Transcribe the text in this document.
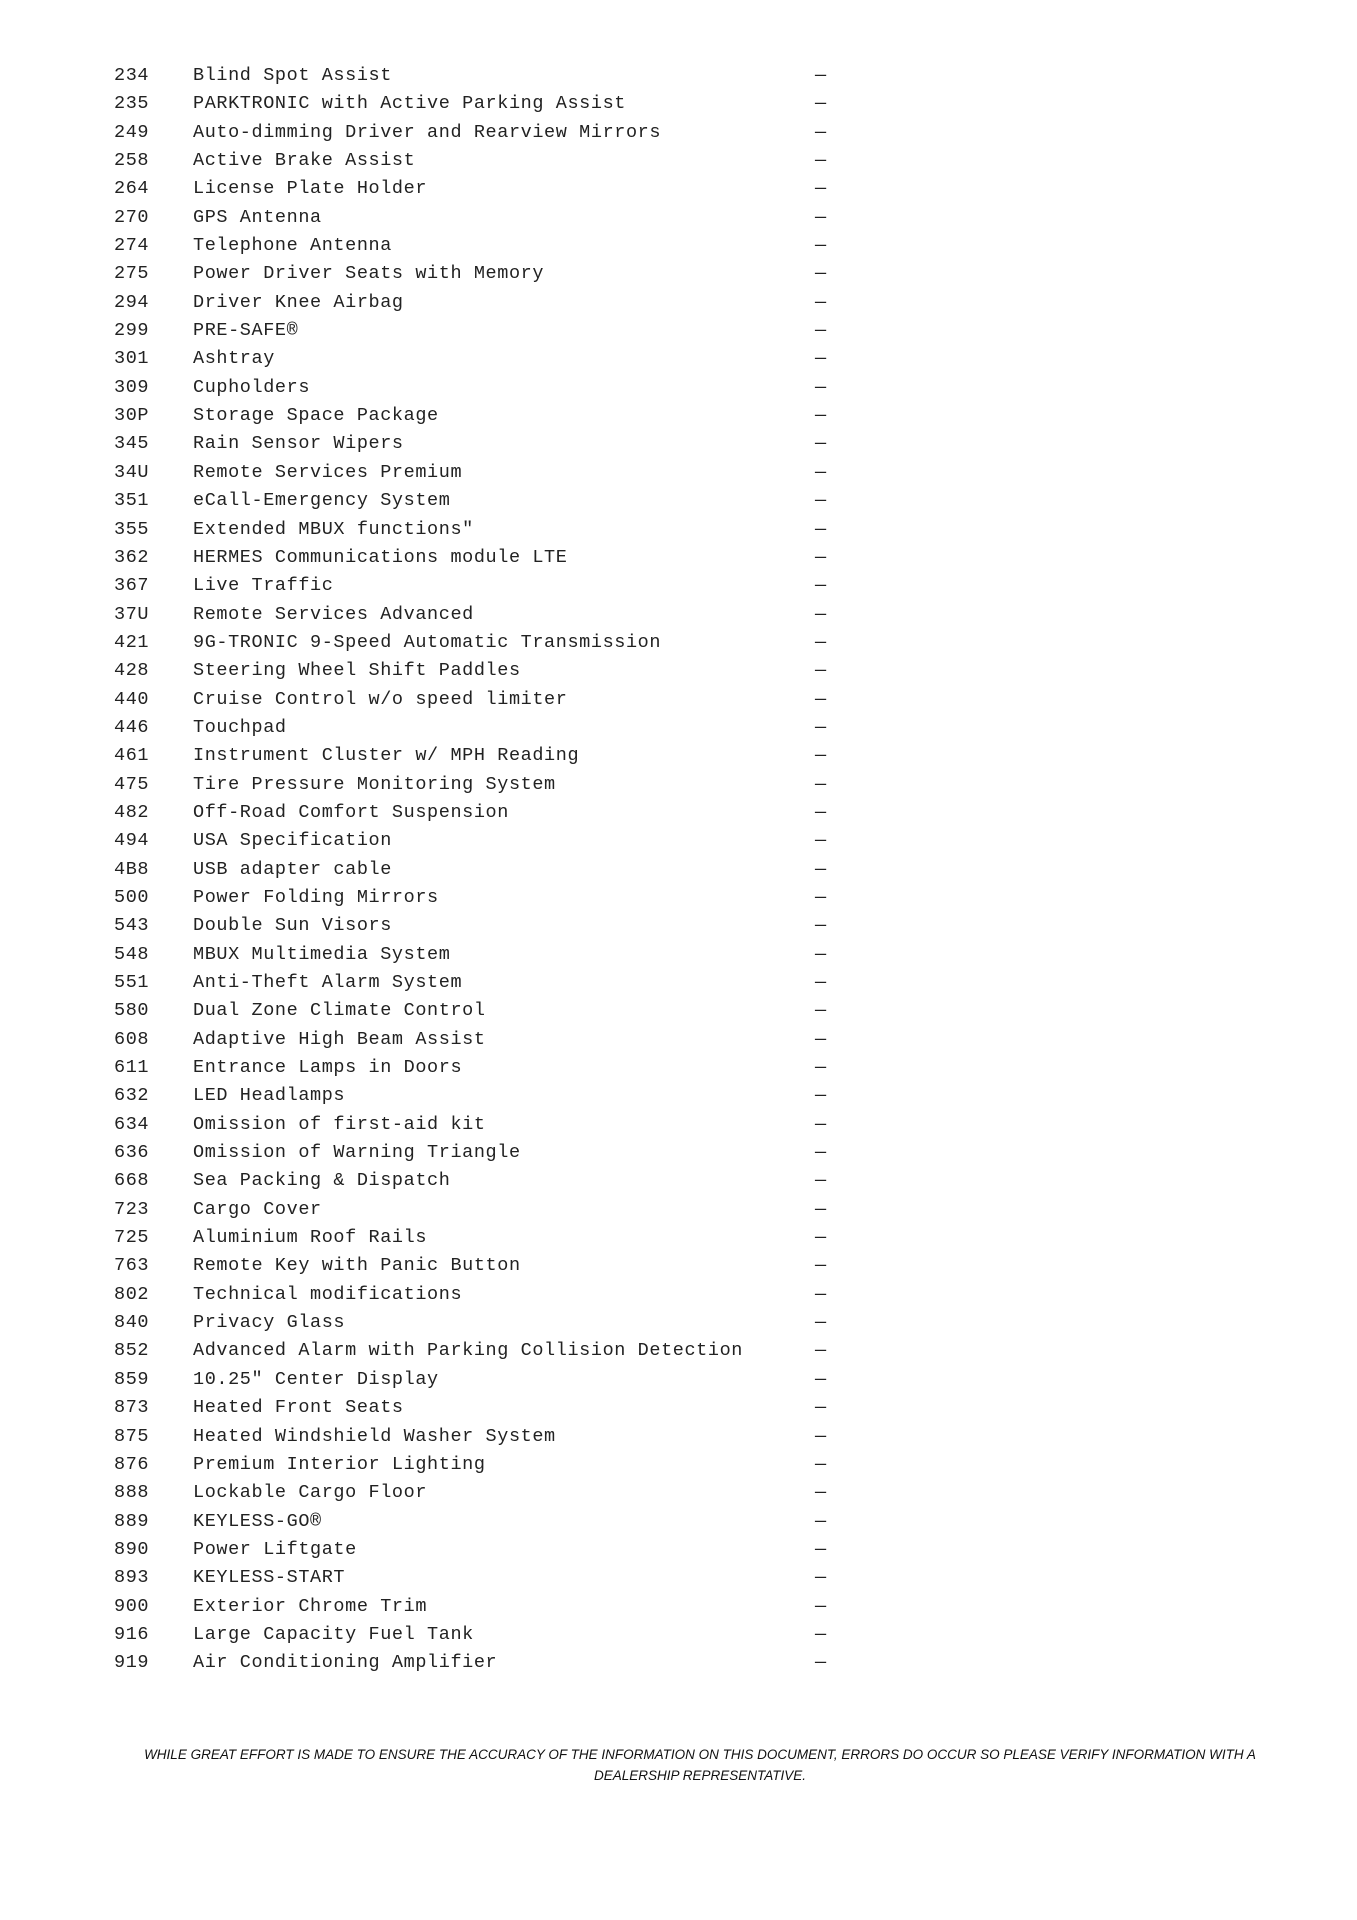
234 Blind Spot Assist	—
235 PARKTRONIC with Active Parking Assist	—
249 Auto-dimming Driver and Rearview Mirrors	—
258 Active Brake Assist	—
264 License Plate Holder	—
270 GPS Antenna	—
274 Telephone Antenna	—
275 Power Driver Seats with Memory	—
294 Driver Knee Airbag	—
299 PRE-SAFE®	—
301 Ashtray	—
309 Cupholders	—
30P Storage Space Package	—
345 Rain Sensor Wipers	—
34U Remote Services Premium	—
351 eCall-Emergency System	—
355 Extended MBUX functions"	—
362 HERMES Communications module LTE	—
367 Live Traffic	—
37U Remote Services Advanced	—
421 9G-TRONIC 9-Speed Automatic Transmission	—
428 Steering Wheel Shift Paddles	—
440 Cruise Control w/o speed limiter	—
446 Touchpad	—
461 Instrument Cluster w/ MPH Reading	—
475 Tire Pressure Monitoring System	—
482 Off-Road Comfort Suspension	—
494 USA Specification	—
4B8 USB adapter cable	—
500 Power Folding Mirrors	—
543 Double Sun Visors	—
548 MBUX Multimedia System	—
551 Anti-Theft Alarm System	—
580 Dual Zone Climate Control	—
608 Adaptive High Beam Assist	—
611 Entrance Lamps in Doors	—
632 LED Headlamps	—
634 Omission of first-aid kit	—
636 Omission of Warning Triangle	—
668 Sea Packing & Dispatch	—
723 Cargo Cover	—
725 Aluminium Roof Rails	—
763 Remote Key with Panic Button	—
802 Technical modifications	—
840 Privacy Glass	—
852 Advanced Alarm with Parking Collision Detection	—
859 10.25" Center Display	—
873 Heated Front Seats	—
875 Heated Windshield Washer System	—
876 Premium Interior Lighting	—
888 Lockable Cargo Floor	—
889 KEYLESS-GO®	—
890 Power Liftgate	—
893 KEYLESS-START	—
900 Exterior Chrome Trim	—
916 Large Capacity Fuel Tank	—
919 Air Conditioning Amplifier	—
WHILE GREAT EFFORT IS MADE TO ENSURE THE ACCURACY OF THE INFORMATION ON THIS DOCUMENT, ERRORS DO OCCUR SO PLEASE VERIFY INFORMATION WITH A DEALERSHIP REPRESENTATIVE.
